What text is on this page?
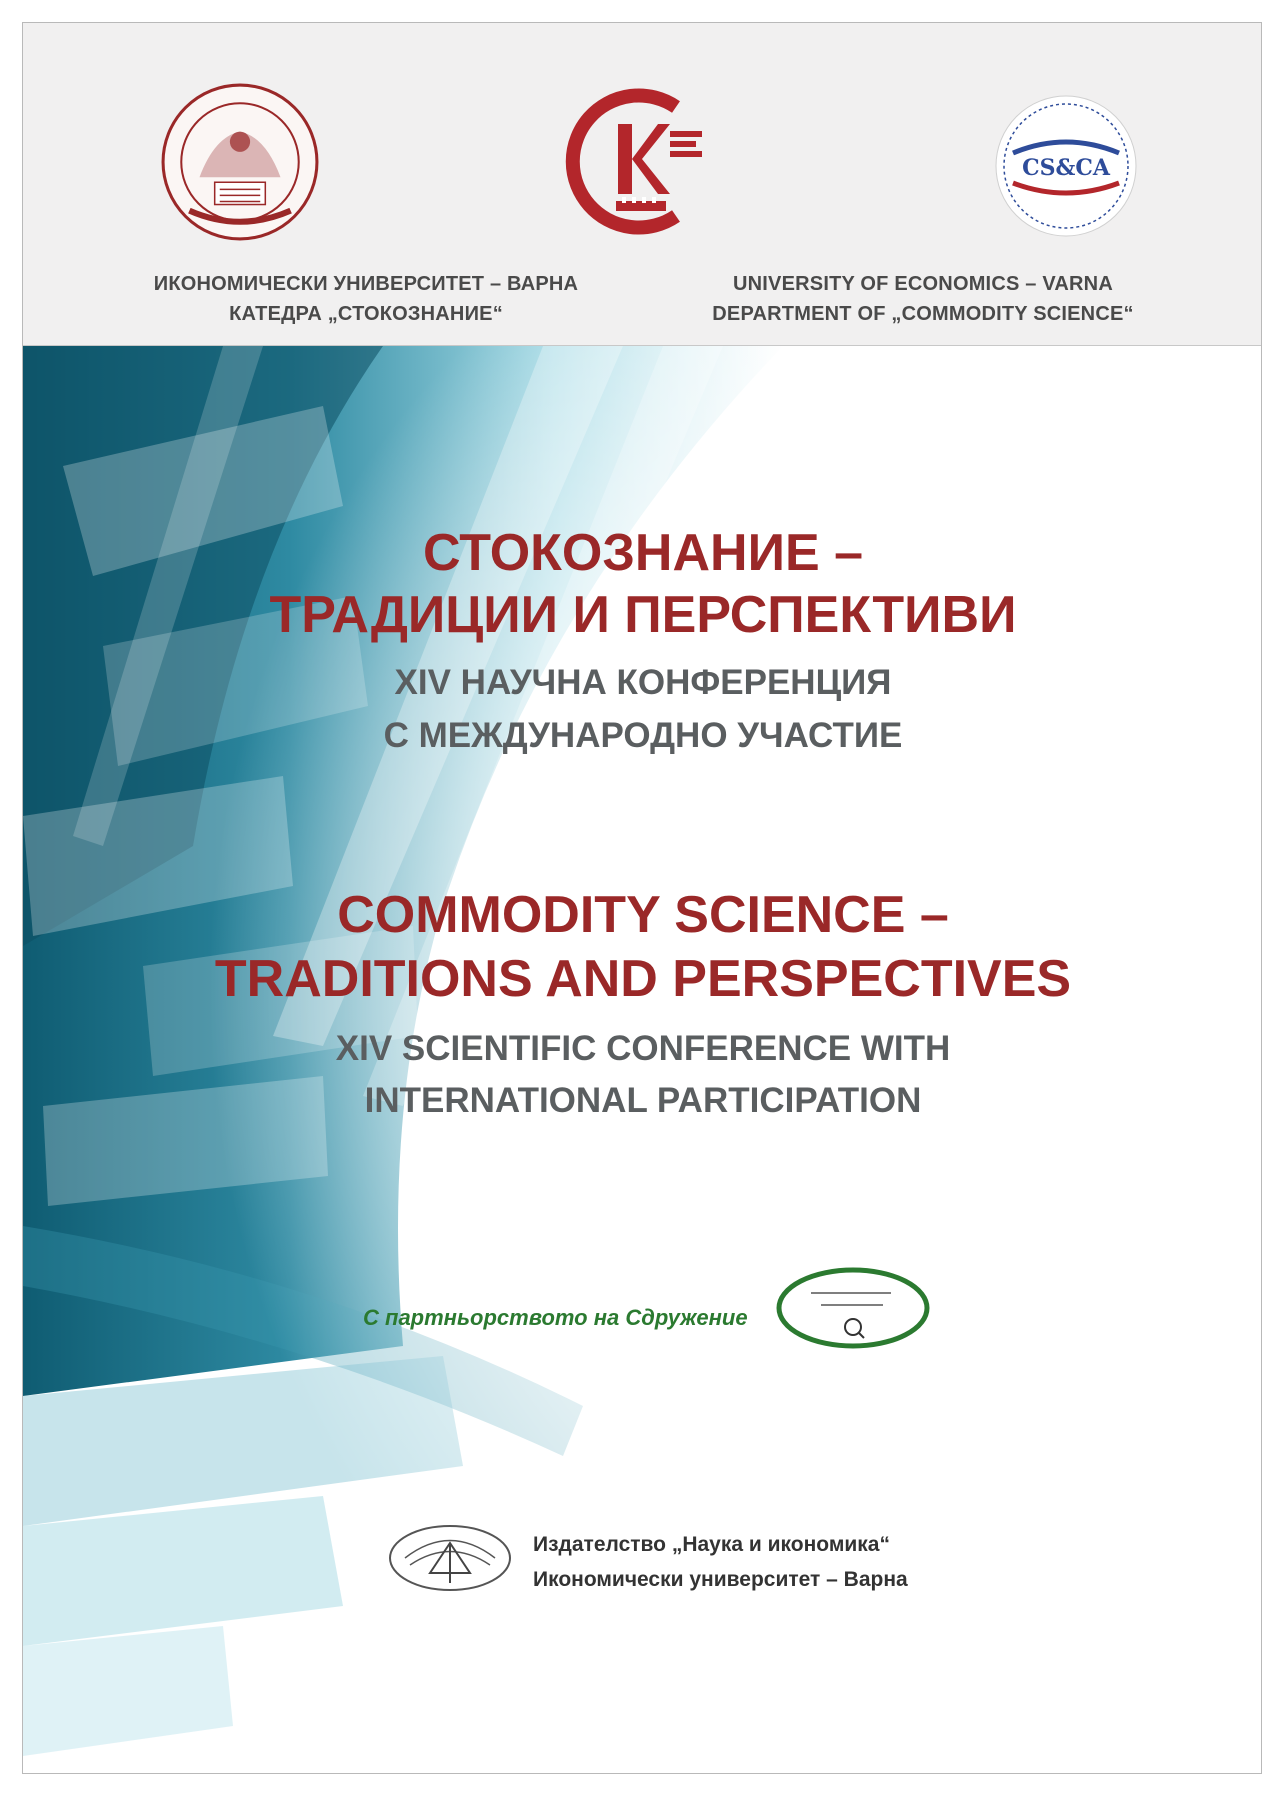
CS&CA
ИКОНОМИЧЕСКИ УНИВЕРСИТЕТ – ВАРНА
КАТЕДРА „СТОКОЗНАНИЕ“
UNIVERSITY OF ECONOMICS – VARNA
DEPARTMENT OF „COMMODITY SCIENCE“
СТОКОЗНАНИЕ –
ТРАДИЦИИ И ПЕРСПЕКТИВИ
XIV НАУЧНА КОНФЕРЕНЦИЯ
С МЕЖДУНАРОДНО УЧАСТИЕ
COMMODITY SCIENCE –
TRADITIONS AND PERSPECTIVES
XIV SCIENTIFIC CONFERENCE WITH
INTERNATIONAL PARTICIPATION
С партньорството на Сдружение
Издателство „Наука и икономика“
Икономически университет – Варна
